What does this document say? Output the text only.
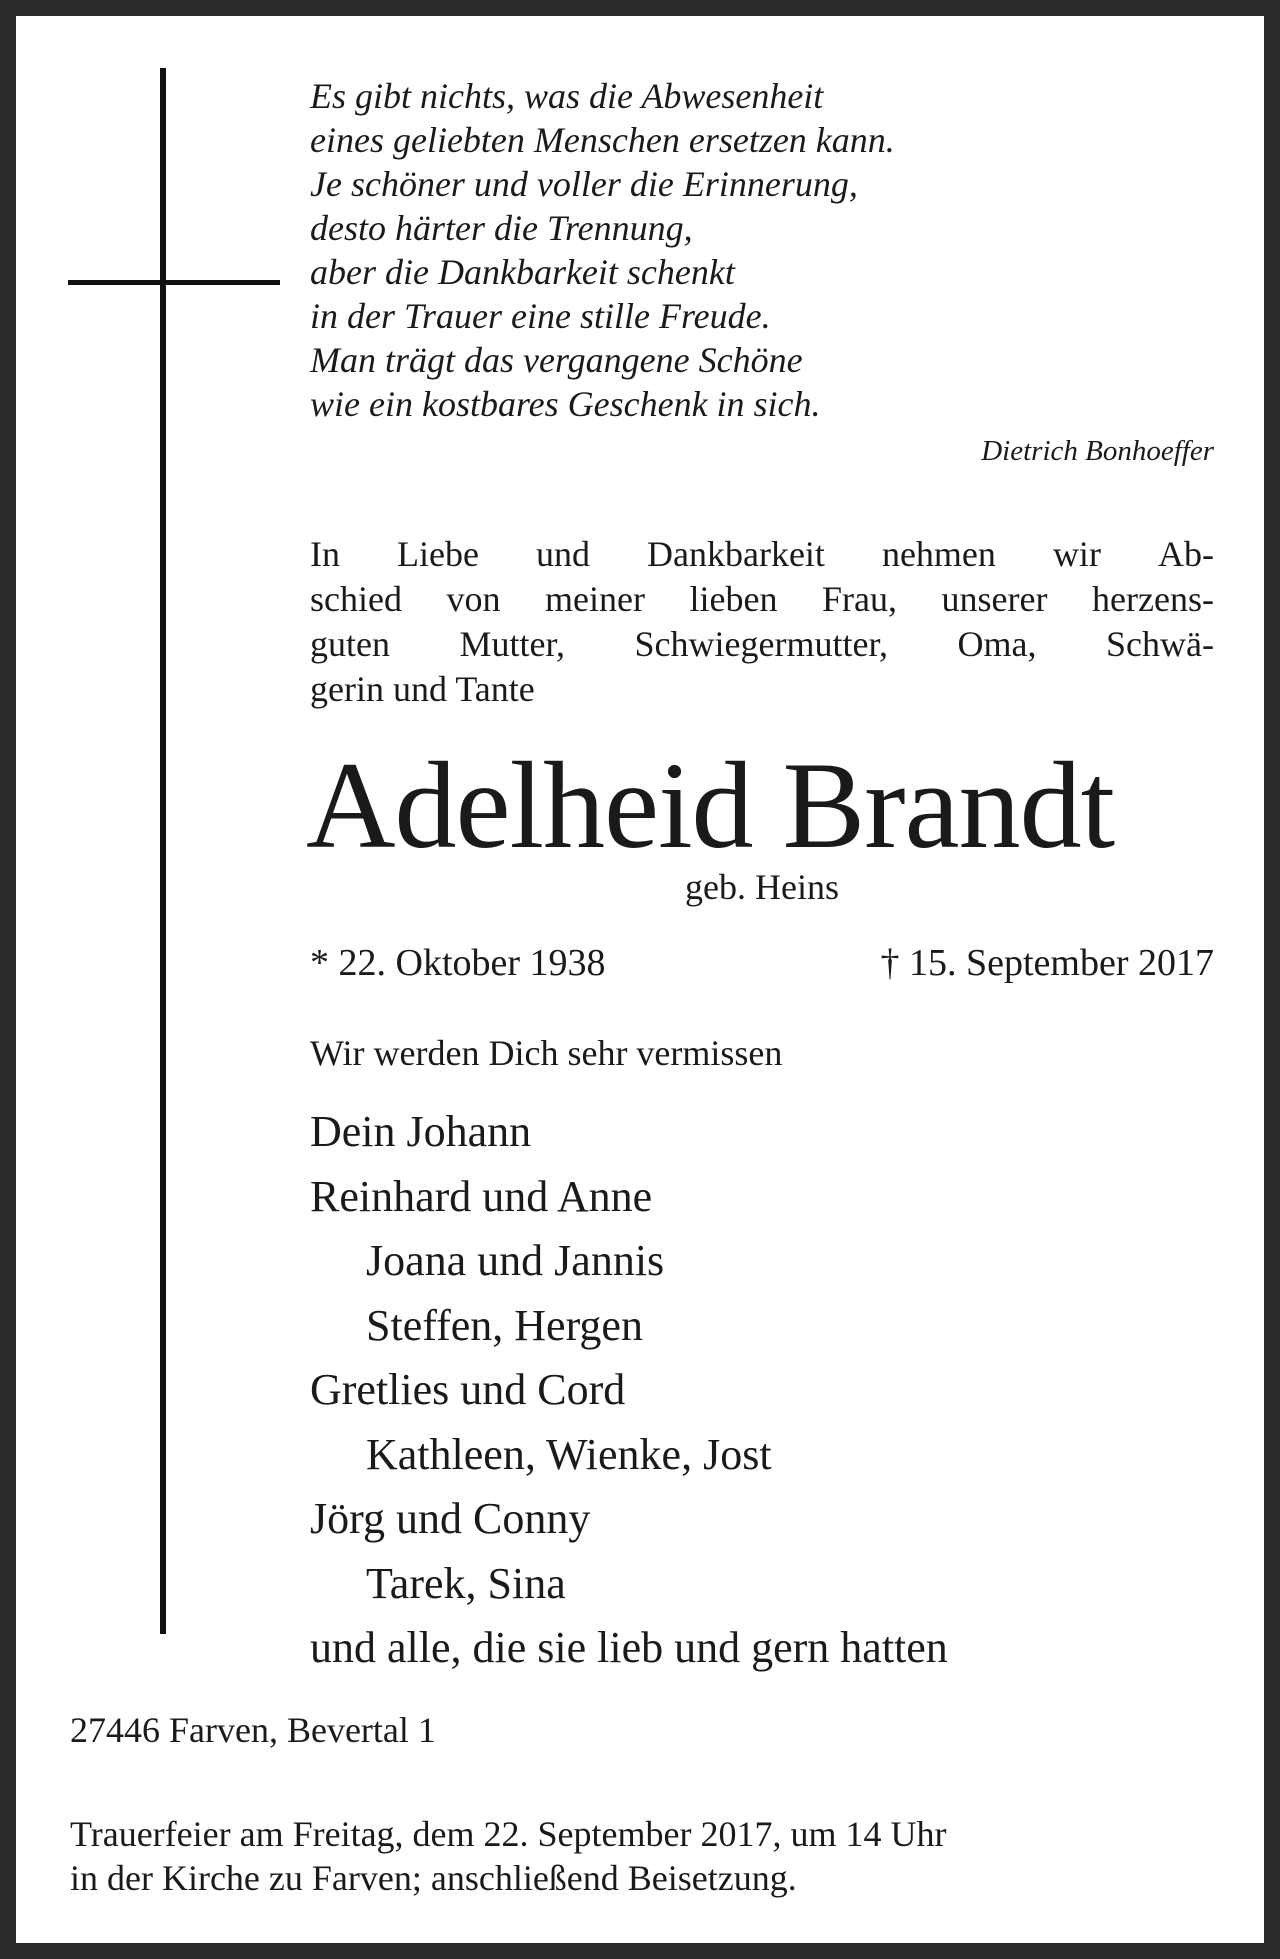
Es gibt nichts, was die Abwesenheit
eines geliebten Menschen ersetzen kann.
Je schöner und voller die Erinnerung,
desto härter die Trennung,
aber die Dankbarkeit schenkt
in der Trauer eine stille Freude.
Man trägt das vergangene Schöne
wie ein kostbares Geschenk in sich.
Dietrich Bonhoeffer
In Liebe und Dankbarkeit nehmen wir Ab-
schied von meiner lieben Frau, unserer herzens-
guten Mutter, Schwiegermutter, Oma, Schwä-
gerin und Tante
Adelheid Brandt
geb. Heins
* 22. Oktober 1938	† 15. September 2017
Wir werden Dich sehr vermissen
Dein Johann
Reinhard und Anne
Joana und Jannis
Steffen, Hergen
Gretlies und Cord
Kathleen, Wienke, Jost
Jörg und Conny
Tarek, Sina
und alle, die sie lieb und gern hatten
27446 Farven, Bevertal 1
Trauerfeier am Freitag, dem 22. September 2017, um 14 Uhr
in der Kirche zu Farven; anschließend Beisetzung.
